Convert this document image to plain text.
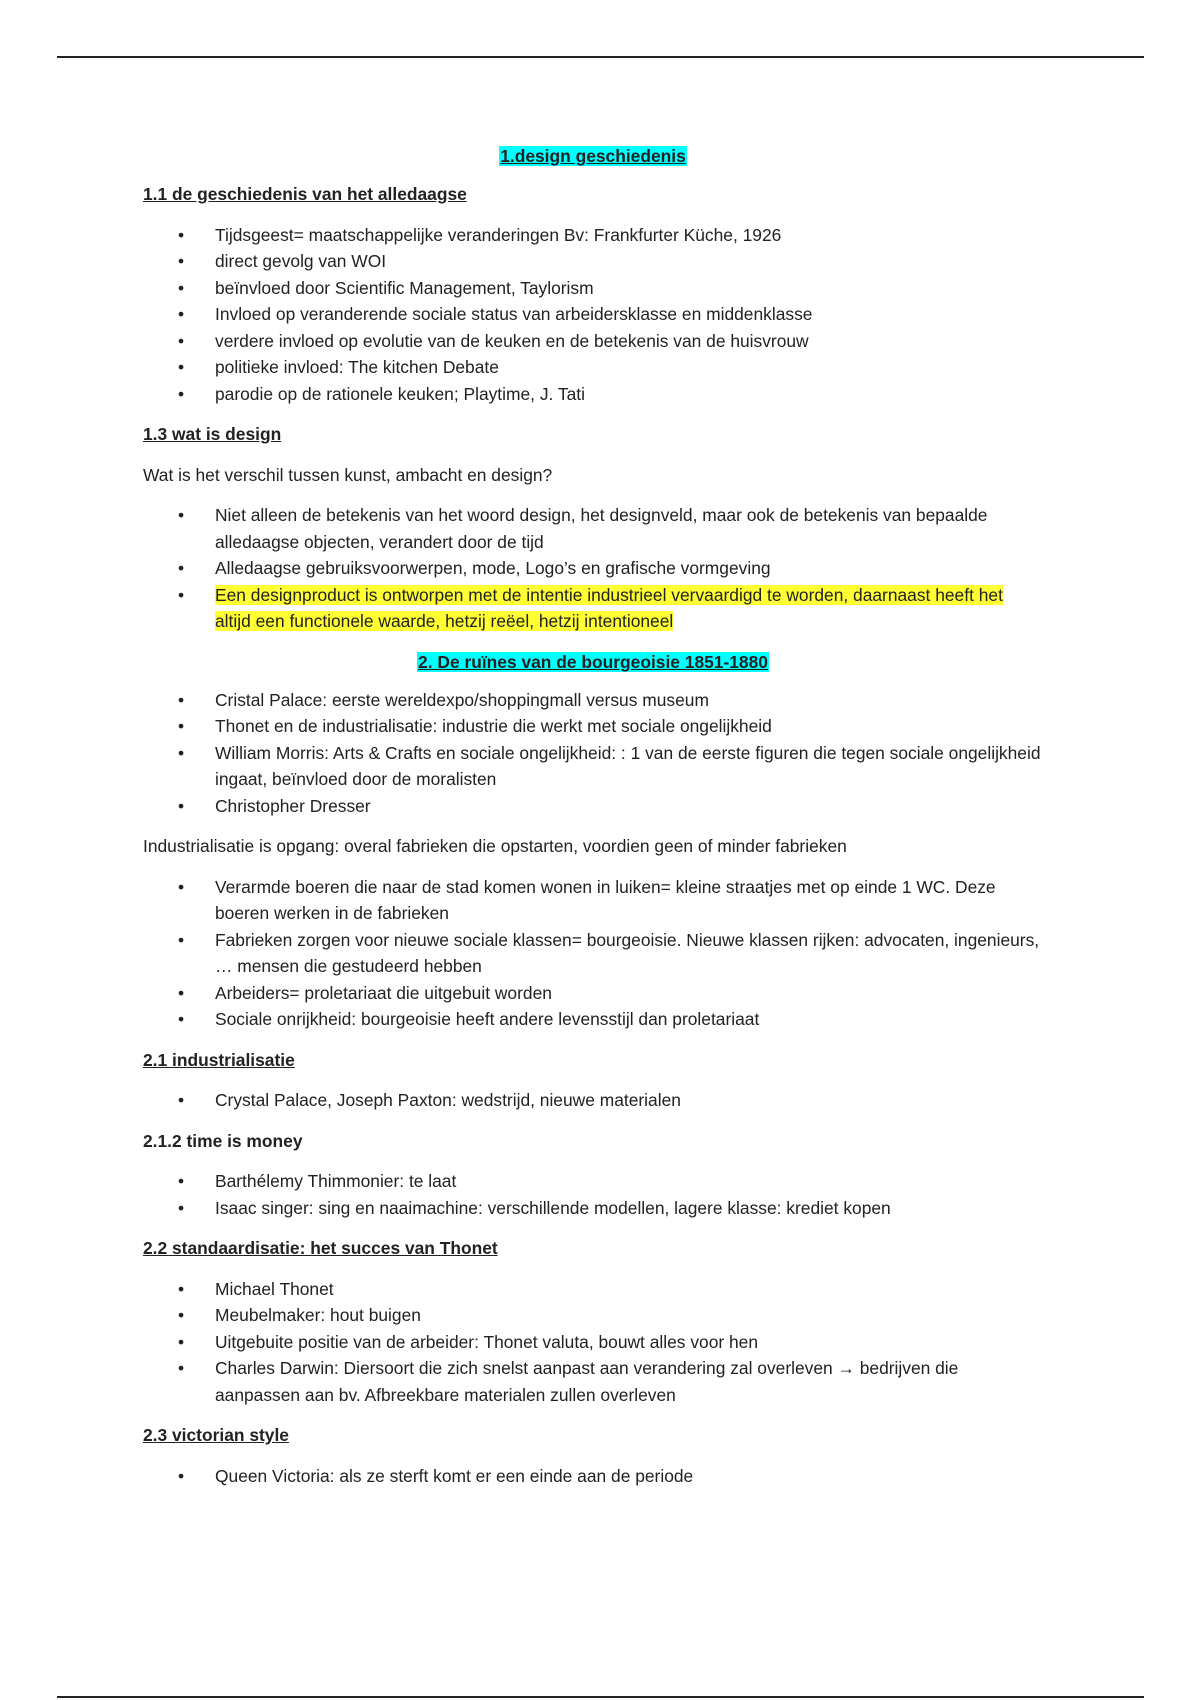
1.design geschiedenis
1.1 de geschiedenis van het alledaagse
• Tijdsgeest= maatschappelijke veranderingen Bv: Frankfurter Küche, 1926
• direct gevolg van WOI
• beïnvloed door Scientific Management, Taylorism
• Invloed op veranderende sociale status van arbeidersklasse en middenklasse
• verdere invloed op evolutie van de keuken en de betekenis van de huisvrouw
• politieke invloed: The kitchen Debate
• parodie op de rationele keuken; Playtime, J. Tati
1.3 wat is design
Wat is het verschil tussen kunst, ambacht en design?
• Niet alleen de betekenis van het woord design, het designveld, maar ook de betekenis van bepaalde alledaagse objecten, verandert door de tijd
• Alledaagse gebruiksvoorwerpen, mode, Logo’s en grafische vormgeving
• Een designproduct is ontworpen met de intentie industrieel vervaardigd te worden, daarnaast heeft het altijd een functionele waarde, hetzij reëel, hetzij intentioneel
2. De ruïnes van de bourgeoisie 1851-1880
• Cristal Palace: eerste wereldexpo/shoppingmall versus museum
• Thonet en de industrialisatie: industrie die werkt met sociale ongelijkheid
• William Morris: Arts & Crafts en sociale ongelijkheid: : 1 van de eerste figuren die tegen sociale ongelijkheid ingaat, beïnvloed door de moralisten
• Christopher Dresser
Industrialisatie is opgang: overal fabrieken die opstarten, voordien geen of minder fabrieken
• Verarmde boeren die naar de stad komen wonen in luiken= kleine straatjes met op einde 1 WC. Deze boeren werken in de fabrieken
• Fabrieken zorgen voor nieuwe sociale klassen= bourgeoisie. Nieuwe klassen rijken: advocaten, ingenieurs, … mensen die gestudeerd hebben
• Arbeiders= proletariaat die uitgebuit worden
• Sociale onrijkheid: bourgeoisie heeft andere levensstijl dan proletariaat
2.1 industrialisatie
• Crystal Palace, Joseph Paxton: wedstrijd, nieuwe materialen
2.1.2 time is money
• Barthélemy Thimmonier: te laat
• Isaac singer: sing en naaimachine: verschillende modellen, lagere klasse: krediet kopen
2.2 standaardisatie: het succes van Thonet
• Michael Thonet
• Meubelmaker: hout buigen
• Uitgebuite positie van de arbeider: Thonet valuta, bouwt alles voor hen
• Charles Darwin: Diersoort die zich snelst aanpast aan verandering zal overleven → bedrijven die aanpassen aan bv. Afbreekbare materialen zullen overleven
2.3 victorian style
• Queen Victoria: als ze sterft komt er een einde aan de periode
